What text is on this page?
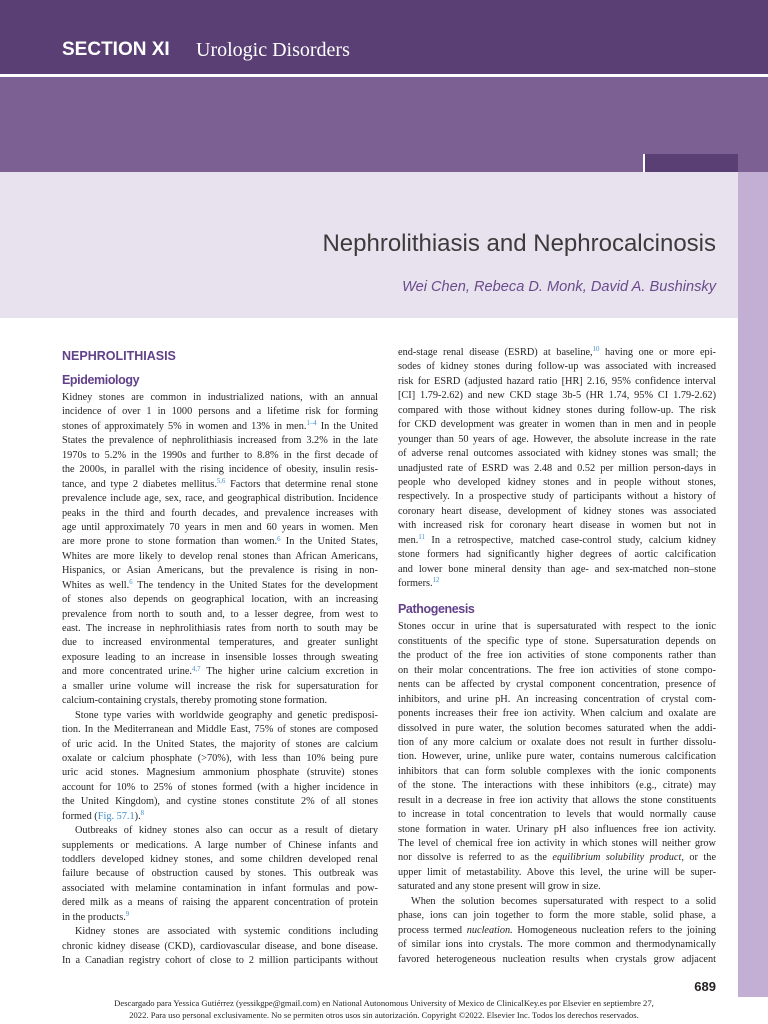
SECTION XI Urologic Disorders
Nephrolithiasis and Nephrocalcinosis
Wei Chen, Rebeca D. Monk, David A. Bushinsky
NEPHROLITHIASIS
Epidemiology
Kidney stones are common in industrialized nations, with an annual
incidence of over 1 in 1000 persons and a lifetime risk for forming
stones of approximately 5% in women and 13% in men.$^{1-4}$ In the United
States the prevalence of nephrolithiasis increased from 3.2% in the late
1970s to 5.2% in the 1990s and further to 8.8% in the first decade of
the 2000s, in parallel with the rising incidence of obesity, insulin resis-
tance, and type 2 diabetes mellitus.$^{5,6}$ Factors that determine renal stone
prevalence include age, sex, race, and geographical distribution. Incidence
peaks in the third and fourth decades, and prevalence increases with
age until approximately 70 years in men and 60 years in women. Men
are more prone to stone formation than women.$^6$ In the United States,
Whites are more likely to develop renal stones than African Americans,
Hispanics, or Asian Americans, but the prevalence is rising in non-
Whites as well.$^6$ The tendency in the United States for the development
of stones also depends on geographical location, with an increasing
prevalence from north to south and, to a lesser degree, from west to
east. The increase in nephrolithiasis rates from north to south may be
due to increased environmental temperatures, and greater sunlight
exposure leading to an increase in insensible losses through sweating
and more concentrated urine.$^{4,7}$ The higher urine calcium excretion in
a smaller urine volume will increase the risk for supersaturation for
calcium-containing crystals, thereby promoting stone formation.
Stone type varies with worldwide geography and genetic predisposi-
tion. In the Mediterranean and Middle East, 75% of stones are composed
of uric acid. In the United States, the majority of stones are calcium
oxalate or calcium phosphate (>70%), with less than 10% being pure
uric acid stones. Magnesium ammonium phosphate (struvite) stones
account for 10% to 25% of stones formed (with a higher incidence in
the United Kingdom), and cystine stones constitute 2% of all stones
formed (Fig. 57.1).$^8$
Outbreaks of kidney stones also can occur as a result of dietary
supplements or medications. A large number of Chinese infants and
toddlers developed kidney stones, and some children developed renal
failure because of obstruction caused by stones. This outbreak was
associated with melamine contamination in infant formulas and pow-
dered milk as a means of raising the apparent concentration of protein
in the products.$^9$
Kidney stones are associated with systemic conditions including
chronic kidney disease (CKD), cardiovascular disease, and bone disease.
In a Canadian registry cohort of close to 2 million participants without
end-stage renal disease (ESRD) at baseline,$^{10}$ having one or more epi-
sodes of kidney stones during follow-up was associated with increased
risk for ESRD (adjusted hazard ratio [HR] 2.16, 95% confidence interval
[CI] 1.79-2.62) and new CKD stage 3b-5 (HR 1.74, 95% CI 1.79-2.62)
compared with those without kidney stones during follow-up. The risk
for CKD development was greater in women than in men and in people
younger than 50 years of age. However, the absolute increase in the rate
of adverse renal outcomes associated with kidney stones was small; the
unadjusted rate of ESRD was 2.48 and 0.52 per million person-days in
people who developed kidney stones and in people without stones,
respectively. In a prospective study of participants without a history of
coronary heart disease, development of kidney stones was associated
with increased risk for coronary heart disease in women but not in
men.$^{11}$ In a retrospective, matched case-control study, calcium kidney
stone formers had significantly higher degrees of aortic calcification
and lower bone mineral density than age- and sex-matched non–stone
formers.$^{12}$
Pathogenesis
Stones occur in urine that is supersaturated with respect to the ionic
constituents of the specific type of stone. Supersaturation depends on
the product of the free ion activities of stone components rather than
on their molar concentrations. The free ion activities of stone compo-
nents can be affected by crystal component concentration, presence of
inhibitors, and urine pH. An increasing concentration of crystal com-
ponents increases their free ion activity. When calcium and oxalate are
dissolved in pure water, the solution becomes saturated when the addi-
tion of any more calcium or oxalate does not result in further dissolu-
tion. However, urine, unlike pure water, contains numerous calcification
inhibitors that can form soluble complexes with the ionic components
of the stone. The interactions with these inhibitors (e.g., citrate) may
result in a decrease in free ion activity that allows the stone constituents
to increase in total concentration to levels that would normally cause
stone formation in water. Urinary pH also influences free ion activity.
The level of chemical free ion activity in which stones will neither grow
nor dissolve is referred to as the equilibrium solubility product, or the
upper limit of metastability. Above this level, the urine will be super-
saturated and any stone present will grow in size.
When the solution becomes supersaturated with respect to a solid
phase, ions can join together to form the more stable, solid phase, a
process termed nucleation. Homogeneous nucleation refers to the joining
of similar ions into crystals. The more common and thermodynamically
favored heterogeneous nucleation results when crystals grow adjacent
689
Descargado para Yessica Gutiérrez (yessikgpe@gmail.com) en National Autonomous University of Mexico de ClinicalKey.es por Elsevier en septiembre 27,
2022. Para uso personal exclusivamente. No se permiten otros usos sin autorización. Copyright ©2022. Elsevier Inc. Todos los derechos reservados.
